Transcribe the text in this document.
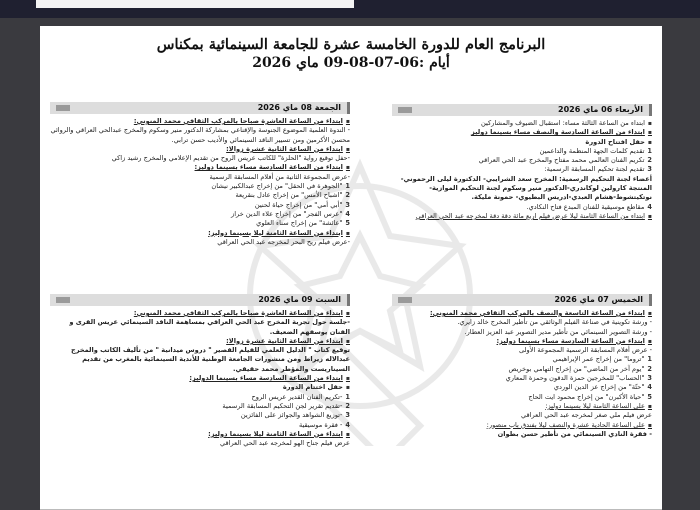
البرنامج العام للدورة الخامسة عشرة للجامعة السينمائية بمكناس
أيام :06-07-08-09 ماي 2026
الأربعاء 06 ماي 2026
▪
ابتداء من الساعة الثالثة مساء: استقبال الضيوف والمشاركين
▪
ابتداء من الساعة السادسة والنصف مساء بسينما دوليز
▪
حفل افتتاح الدورة
1
تقديم كلمات الجهة المنظمة والداعمين
2
تكريم الفنان العالمي محمد مفتاح والمخرج عبد الحي العراقي
3
تقديم لجنة تحكيم المسابقة الرسمية:
أعضاء لجنة التحكيم الرسمية: المخرج سعد الشرايبي- الدكتورة ليلى الرحموني-المنتجة كارولين لوكاندري-الدكتور منير وسكوم لجنة التحكيم الموازية- نوتكيتشوط-هشام العبدي-ادريس البطيوي- حمونة مليكة.
4
مقاطع موسيقية للفنان المبدع فتاح النكادي.
▪
ابتداء من الساعة الثامنة ليلا عرض فيلم اربع مائة دقة دقة لمخرجه عبد الحي العراقي
الخميس 07 ماي 2026
▪
ابتداء من الساعة التاسعة والنصف بالمركب الثقافي محمد المنوني:
- ورشة تكوينية في صناعة الفيلم الوثائقي من تأطير المخرج خالد زايري.
- ورشة التصوير السينمائي من تأطير مدير التصوير عبد العزيز العطار.
▪
ابتداء من الساعة السادسة مساء بسينما دوليز:
- عرض أفلام المسابقة الرسمية المجموعة الأولى
1
"تروما" من إخراج عمر الإبراهيمي
2
"يوم آخر من الماضي" من إخراج التهامي بوخريص
3
"الحساب" للمخرجين حمزة الدقون وحمزة المعاري
4
"حتّة" من إخراج عز الدين الوردي
5
"حياة الأكبرن" من إخراج محمود ايت الحاج
▪
على الساعة الثامنة ليلا بسينما دوليز:
عرض فيلم ملي صغر لمخرجه عبد الحي العراقي
▪
على الساعة الحادية عشرة والنصف ليلا بفندق باب منصور:
- فقرة النادي السينمائي من تأطير حسن بطوان
الجمعة 08 ماي 2026
▪
ابتداء من الساعة العاشرة صباحا بالمركب الثقافي محمد المنوني:
- الندوة العلمية الموضوع الجنوسة والإقناعي بمشاركة الدكتور منير وسكوم والمخرج عبدالحي العراقي والروائي محسن الأكرمين ومن تسيير الناقد السينمائي والأديب حسن ترابي.
▪
ابتداء من الساعة الثانية عشرة زوالا:
-حفل توقيع رواية "الحلزة" للكاتب عريس الروح من تقديم الإعلامي والمخرج رشيد زاكي
▪
ابتداء من الساعة السادسة مساء بسينما دوليز:
-عرض المجموعة الثانية من أفلام المسابقة الرسمية
1
"الجوهرة في الحقل" من إخراج عبدالكبير نيشان
2
"اشباح الأمس" من إخراج عادل بنقريعة
3
"أبي أمي" من إخراج حياة لحنين
4
"عرس الفجر" من إخراج علاء الدين خراز
5
"عائشة" من إخراج سناء العلوي
▪
ابتداء من الساعة الثامنة ليلا بسينما دوليز:
-عرض فيلم ريح البحر لمخرجه عبد الحي العراقي
السبت 09 ماي 2026
▪
ابتداء من الساعة العاشرة صباحا بالمركب الثقافي محمد المنوني:
-جلسة حول تجربة المخرج عبد الحي العراقي بمساهمة الناقد السينمائي عريس القرى و الفنان يوسفهم الضعيف.
▪
ابتداء من الساعة الثانية عشرة زوالا:
توقيع كتاب " الدليل العلمي للفيلم القصير " دروس ميدانية " من تأليف الكاتب والمخرج عبدالاله زيراط ومن منشورات الجامعة الوطنية للأندية السينمائية بالمغرب من تقديم السيناريست والمؤطر محمد حقيقي.
▪
ابتداء من الساعة السادسة مساء بسينما الدوليز:
▪
حفل اختتام الدورة
1
-تكريم الفنان القدير عريس الروح
2
-تقديم تقرير لجن التحكيم المسابقة الرسمية
3
-توزيع الشواهد والجوائز على الفائزين
4
- فقرة موسيقية
▪
ابتداء من الساعة الثامنة ليلا بسينما دوليز:
عرض فيلم جناح الهو لمخرجه عبد الحي العراقي
